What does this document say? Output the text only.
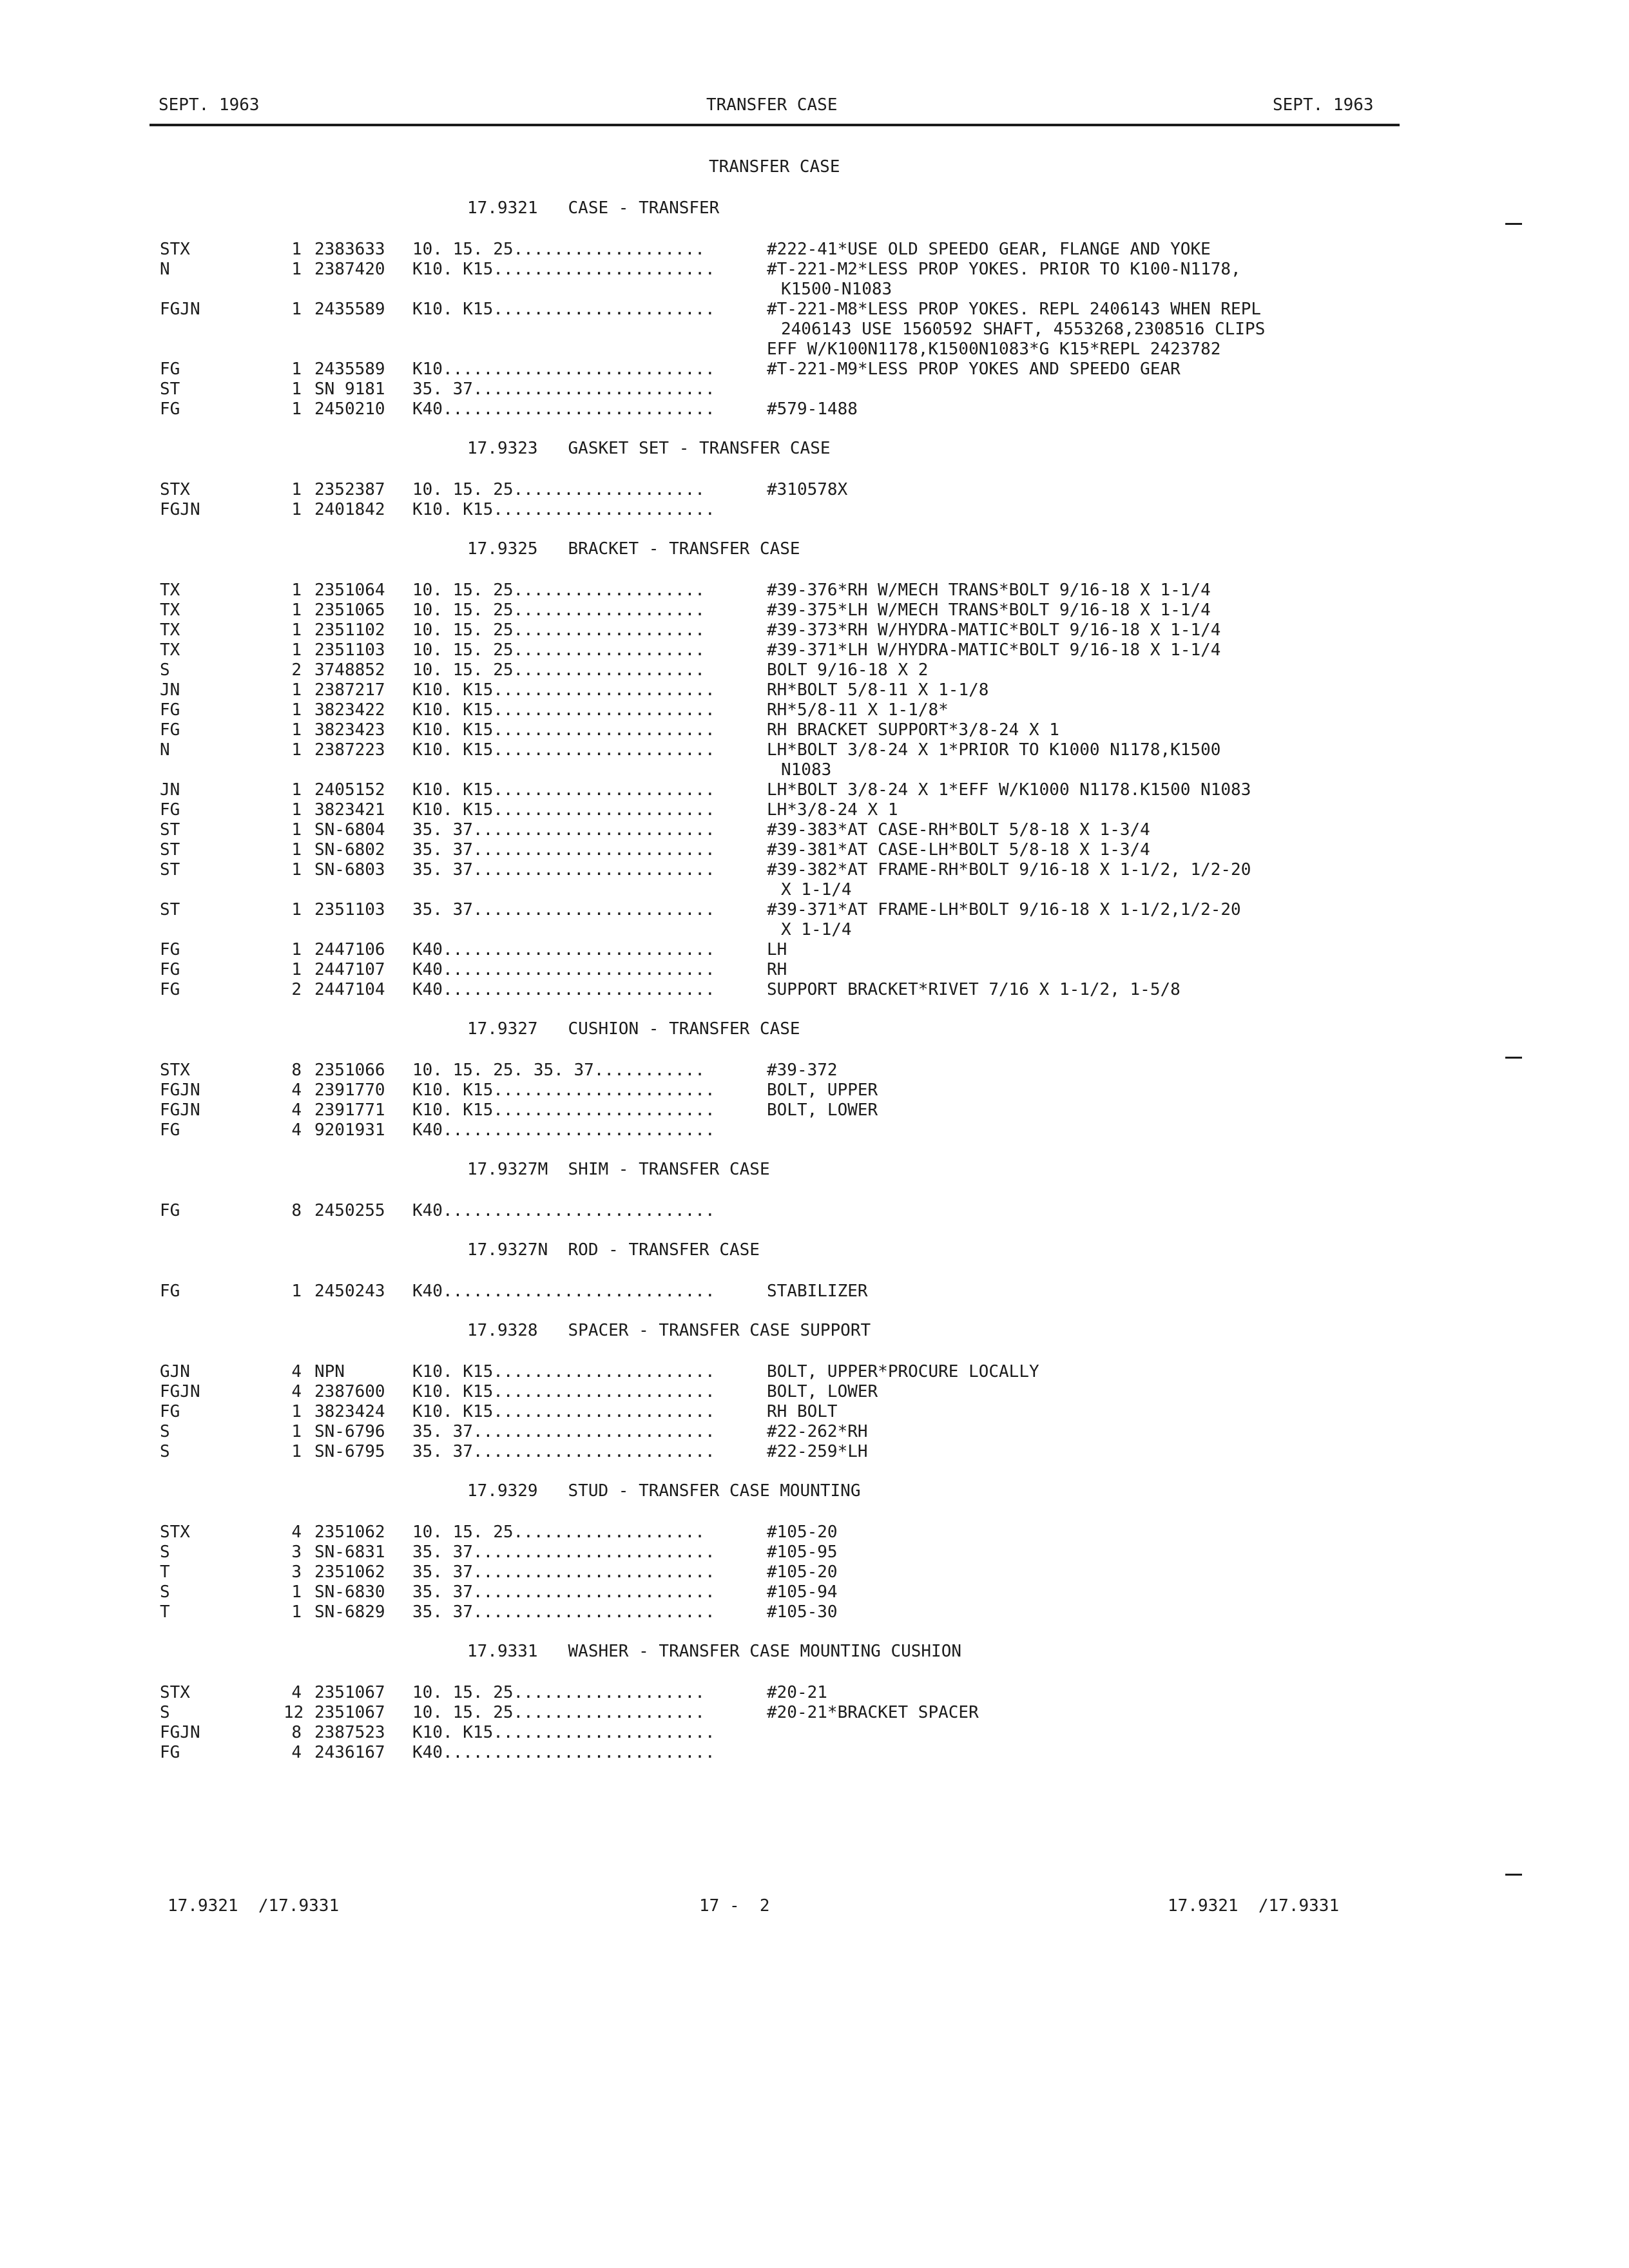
SEPT. 1963	TRANSFER CASE	SEPT. 1963
TRANSFER CASE
17.9321   CASE - TRANSFER
STX	1 2383633 10. 15. 25...................	#222-41*USE OLD SPEEDO GEAR, FLANGE AND YOKE
N	1 2387420 K10. K15......................	#T-221-M2*LESS PROP YOKES. PRIOR TO K100-N1178,
K1500-N1083
FGJN	1 2435589 K10. K15......................	#T-221-M8*LESS PROP YOKES. REPL 2406143 WHEN REPL
2406143 USE 1560592 SHAFT, 4553268,2308516 CLIPS
EFF W/K100N1178,K1500N1083*G K15*REPL 2423782
FG	1 2435589 K10...........................	#T-221-M9*LESS PROP YOKES AND SPEEDO GEAR
ST	1 SN 9181 35. 37........................
FG	1 2450210 K40...........................	#579-1488
17.9323   GASKET SET - TRANSFER CASE
STX	1 2352387 10. 15. 25...................	#310578X
FGJN	1 2401842 K10. K15......................
17.9325   BRACKET - TRANSFER CASE
TX	1 2351064 10. 15. 25...................	#39-376*RH W/MECH TRANS*BOLT 9/16-18 X 1-1/4
TX	1 2351065 10. 15. 25...................	#39-375*LH W/MECH TRANS*BOLT 9/16-18 X 1-1/4
TX	1 2351102 10. 15. 25...................	#39-373*RH W/HYDRA-MATIC*BOLT 9/16-18 X 1-1/4
TX	1 2351103 10. 15. 25...................	#39-371*LH W/HYDRA-MATIC*BOLT 9/16-18 X 1-1/4
S	2 3748852 10. 15. 25...................	BOLT 9/16-18 X 2
JN	1 2387217 K10. K15......................	RH*BOLT 5/8-11 X 1-1/8
FG	1 3823422 K10. K15......................	RH*5/8-11 X 1-1/8*
FG	1 3823423 K10. K15......................	RH BRACKET SUPPORT*3/8-24 X 1
N	1 2387223 K10. K15......................	LH*BOLT 3/8-24 X 1*PRIOR TO K1000 N1178,K1500
N1083
JN	1 2405152 K10. K15......................	LH*BOLT 3/8-24 X 1*EFF W/K1000 N1178.K1500 N1083
FG	1 3823421 K10. K15......................	LH*3/8-24 X 1
ST	1 SN-6804 35. 37........................	#39-383*AT CASE-RH*BOLT 5/8-18 X 1-3/4
ST	1 SN-6802 35. 37........................	#39-381*AT CASE-LH*BOLT 5/8-18 X 1-3/4
ST	1 SN-6803 35. 37........................	#39-382*AT FRAME-RH*BOLT 9/16-18 X 1-1/2, 1/2-20
X 1-1/4
ST	1 2351103 35. 37........................	#39-371*AT FRAME-LH*BOLT 9/16-18 X 1-1/2,1/2-20
X 1-1/4
FG	1 2447106 K40...........................	LH
FG	1 2447107 K40...........................	RH
FG	2 2447104 K40...........................	SUPPORT BRACKET*RIVET 7/16 X 1-1/2, 1-5/8
17.9327   CUSHION - TRANSFER CASE
STX	8 2351066 10. 15. 25. 35. 37...........	#39-372
FGJN	4 2391770 K10. K15......................	BOLT, UPPER
FGJN	4 2391771 K10. K15......................	BOLT, LOWER
FG	4 9201931 K40...........................
17.9327M  SHIM - TRANSFER CASE
FG	8 2450255 K40...........................
17.9327N  ROD - TRANSFER CASE
FG	1 2450243 K40...........................	STABILIZER
17.9328   SPACER - TRANSFER CASE SUPPORT
GJN	4 NPN	K10. K15......................	BOLT, UPPER*PROCURE LOCALLY
FGJN	4 2387600 K10. K15......................	BOLT, LOWER
FG	1 3823424 K10. K15......................	RH BOLT
S	1 SN-6796 35. 37........................	#22-262*RH
S	1 SN-6795 35. 37........................	#22-259*LH
17.9329   STUD - TRANSFER CASE MOUNTING
STX	4 2351062 10. 15. 25...................	#105-20
S	3 SN-6831 35. 37........................	#105-95
T	3 2351062 35. 37........................	#105-20
S	1 SN-6830 35. 37........................	#105-94
T	1 SN-6829 35. 37........................	#105-30
17.9331   WASHER - TRANSFER CASE MOUNTING CUSHION
STX	4 2351067 10. 15. 25...................	#20-21
S	12 2351067 10. 15. 25...................	#20-21*BRACKET SPACER
FGJN	8 2387523 K10. K15......................
FG	4 2436167 K40...........................
17.9321  /17.9331	17 -  2	17.9321  /17.9331
